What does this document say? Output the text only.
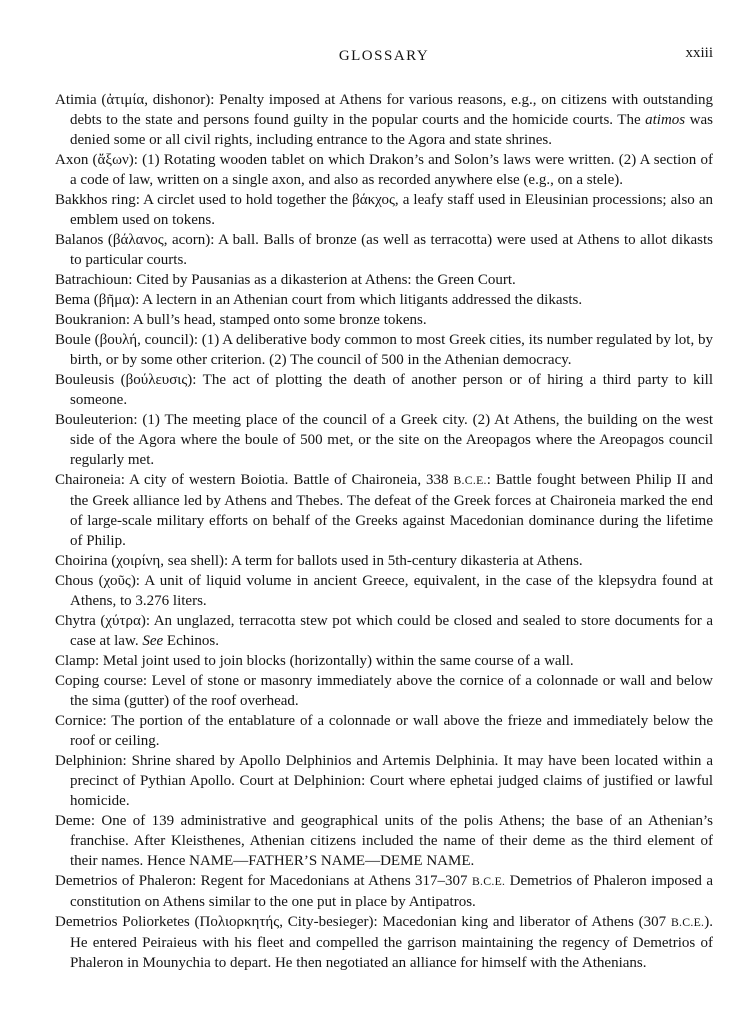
GLOSSARY	xxiii

Atimia (ἀτιμία, dishonor): Penalty imposed at Athens for various reasons, e.g., on citizens with outstanding debts to the state and persons found guilty in the popular courts and the homicide courts. The atimos was denied some or all civil rights, including entrance to the Agora and state shrines.

Axon (ἄξων): (1) Rotating wooden tablet on which Drakon’s and Solon’s laws were written. (2) A section of a code of law, written on a single axon, and also as recorded anywhere else (e.g., on a stele).

Bakkhos ring: A circlet used to hold together the βάκχος, a leafy staff used in Eleusinian processions; also an emblem used on tokens.

Balanos (βάλανος, acorn): A ball. Balls of bronze (as well as terracotta) were used at Athens to allot dikasts to particular courts.

Batrachioun: Cited by Pausanias as a dikasterion at Athens: the Green Court.

Bema (βῆμα): A lectern in an Athenian court from which litigants addressed the dikasts.

Boukranion: A bull’s head, stamped onto some bronze tokens.

Boule (βουλή, council): (1) A deliberative body common to most Greek cities, its number regulated by lot, by birth, or by some other criterion. (2) The council of 500 in the Athenian democracy.

Bouleusis (βούλευσις): The act of plotting the death of another person or of hiring a third party to kill someone.

Bouleuterion: (1) The meeting place of the council of a Greek city. (2) At Athens, the building on the west side of the Agora where the boule of 500 met, or the site on the Areopagos where the Areopagos council regularly met.

Chaironeia: A city of western Boiotia. Battle of Chaironeia, 338 B.C.E.: Battle fought between Philip II and the Greek alliance led by Athens and Thebes. The defeat of the Greek forces at Chaironeia marked the end of large-scale military efforts on behalf of the Greeks against Macedonian dominance during the lifetime of Philip.

Choirina (χοιρίνη, sea shell): A term for ballots used in 5th-century dikasteria at Athens.

Chous (χοῦς): A unit of liquid volume in ancient Greece, equivalent, in the case of the klepsydra found at Athens, to 3.276 liters.

Chytra (χύτρα): An unglazed, terracotta stew pot which could be closed and sealed to store documents for a case at law. See Echinos.

Clamp: Metal joint used to join blocks (horizontally) within the same course of a wall.

Coping course: Level of stone or masonry immediately above the cornice of a colonnade or wall and below the sima (gutter) of the roof overhead.

Cornice: The portion of the entablature of a colonnade or wall above the frieze and immediately below the roof or ceiling.

Delphinion: Shrine shared by Apollo Delphinios and Artemis Delphinia. It may have been located within a precinct of Pythian Apollo. Court at Delphinion: Court where ephetai judged claims of justified or lawful homicide.

Deme: One of 139 administrative and geographical units of the polis Athens; the base of an Athenian’s franchise. After Kleisthenes, Athenian citizens included the name of their deme as the third element of their names. Hence NAME—FATHER’S NAME—DEME NAME.

Demetrios of Phaleron: Regent for Macedonians at Athens 317–307 B.C.E. Demetrios of Phaleron imposed a constitution on Athens similar to the one put in place by Antipatros.

Demetrios Poliorketes (Πολιορκητής, City-besieger): Macedonian king and liberator of Athens (307 B.C.E.). He entered Peiraieus with his fleet and compelled the garrison maintaining the regency of Demetrios of Phaleron in Mounychia to depart. He then negotiated an alliance for himself with the Athenians.
